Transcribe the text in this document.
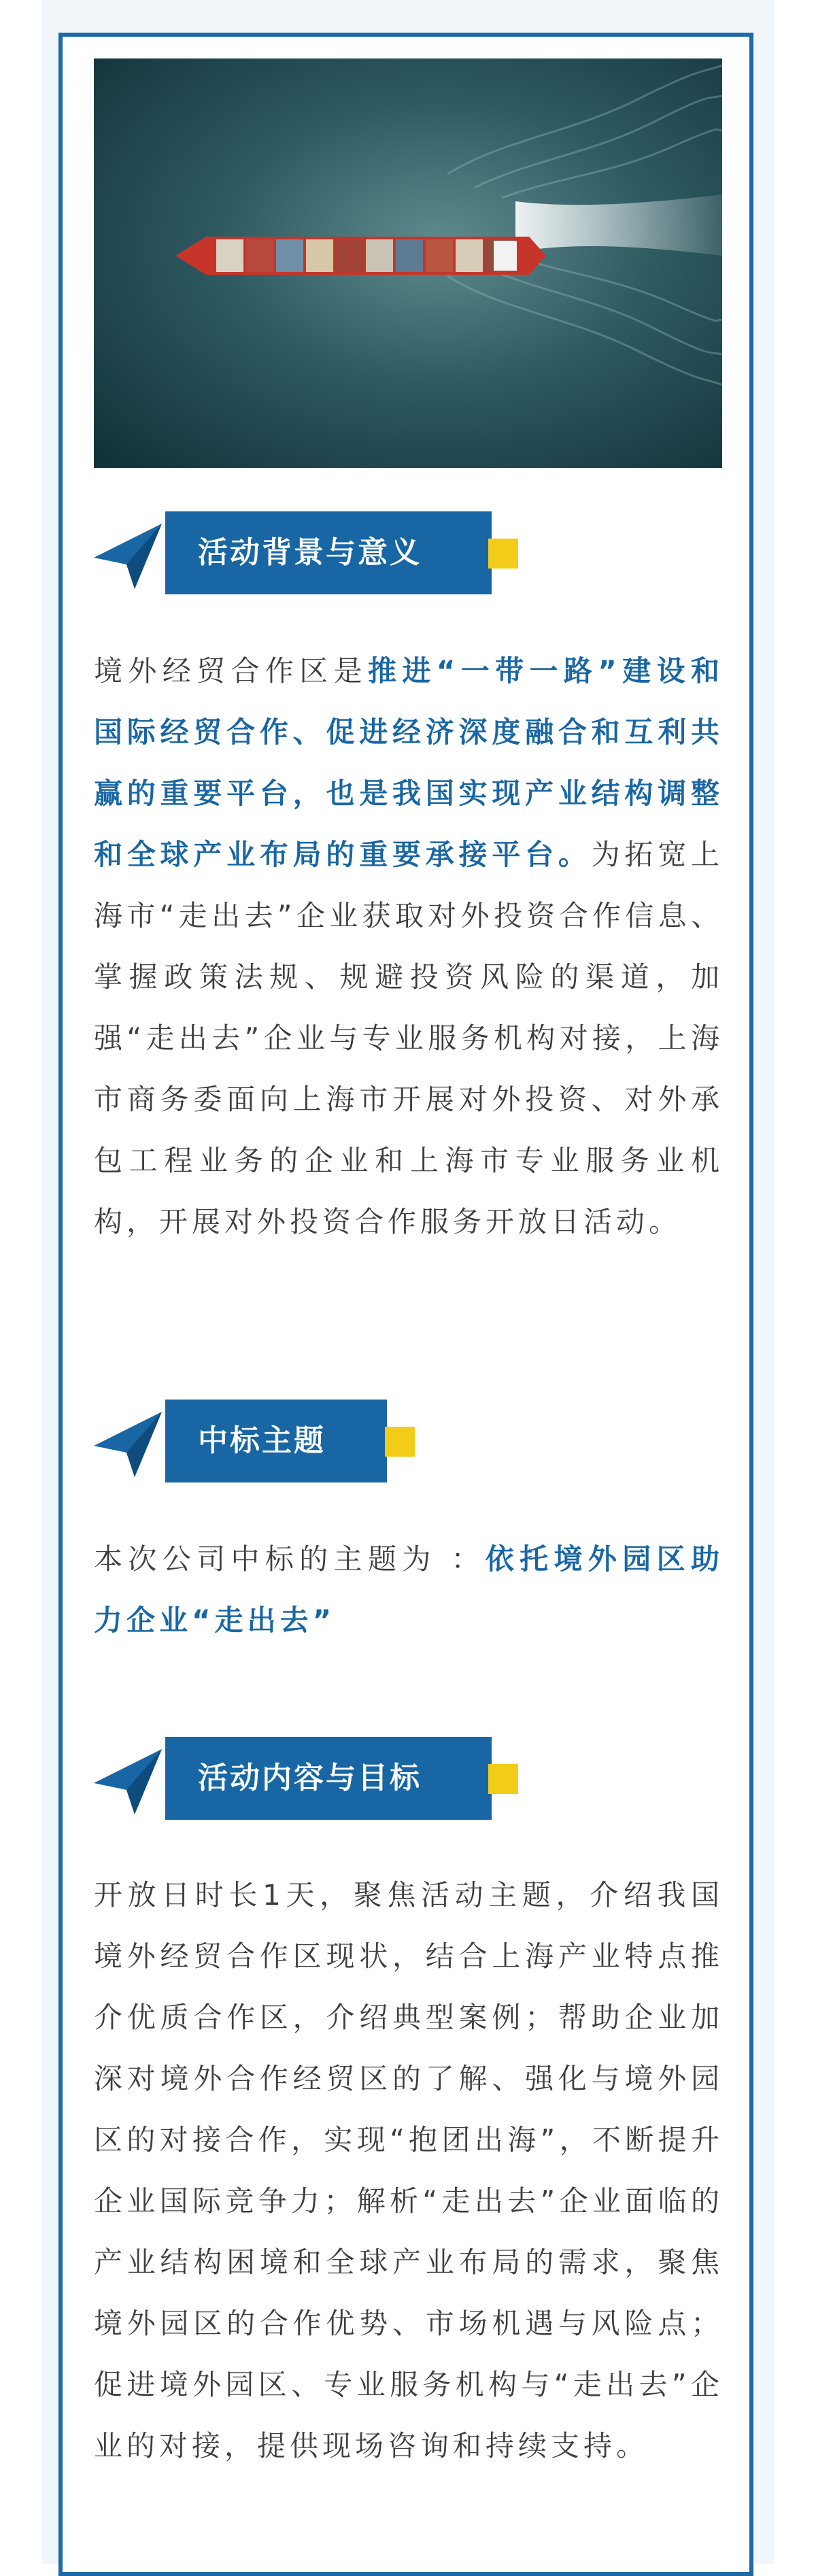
活动背景与意义
境外经贸合作区是推进“一带一路”建设和国际经贸合作、促进经济深度融合和互利共赢的重要平台，也是我国实现产业结构调整和全球产业布局的重要承接平台。为拓宽上海市“走出去”企业获取对外投资合作信息、掌握政策法规、规避投资风险的渠道，加强“走出去”企业与专业服务机构对接，上海市商务委面向上海市开展对外投资、对外承包工程业务的企业和上海市专业服务业机构，开展对外投资合作服务开放日活动。
中标主题
本次公司中标的主题为 ：依托境外园区助力企业“走出去”
活动内容与目标
开放日时长1天，聚焦活动主题，介绍我国境外经贸合作区现状，结合上海产业特点推介优质合作区，介绍典型案例；帮助企业加深对境外合作经贸区的了解、强化与境外园区的对接合作，实现“抱团出海”，不断提升企业国际竞争力；解析“走出去”企业面临的产业结构困境和全球产业布局的需求，聚焦境外园区的合作优势、市场机遇与风险点；促进境外园区、专业服务机构与“走出去”企业的对接，提供现场咨询和持续支持。
